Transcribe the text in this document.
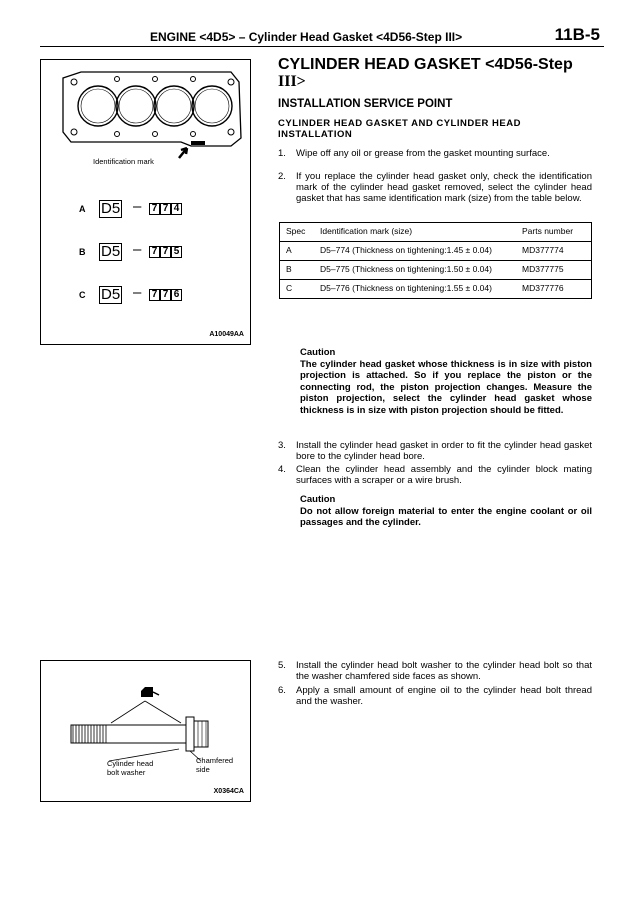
ENGINE <4D5> – Cylinder Head Gasket <4D56-Step III>	11B-5
Identification mark
A D5 – 7 7 4
B D5 – 7 7 5
C D5 – 7 7 6
A10049AA
Cylinder head
bolt washer
Chamfered
side
X0364CA
CYLINDER HEAD GASKET <4D56-Step
III>
INSTALLATION SERVICE POINT
CYLINDER HEAD GASKET AND CYLINDER HEAD INSTALLATION
1. Wipe off any oil or grease from the gasket mounting surface.
2. If you replace the cylinder head gasket only, check the identification mark of the cylinder head gasket removed, select the cylinder head gasket that has same identification mark (size) from the table below.
Spec	Identification mark (size)	Parts number
A	D5–774 (Thickness on tightening:1.45 ± 0.04)	MD377774
B	D5–775 (Thickness on tightening:1.50 ± 0.04)	MD377775
C	D5–776 (Thickness on tightening:1.55 ± 0.04)	MD377776
Caution
The cylinder head gasket whose thickness is in size with piston projection is attached. So if you replace the piston or the connecting rod, the piston projection changes. Measure the piston projection, select the cylinder head gasket whose thickness is in size with piston projection should be fitted.
3. Install the cylinder head gasket in order to fit the cylinder head gasket bore to the cylinder head bore.
4. Clean the cylinder head assembly and the cylinder block mating surfaces with a scraper or a wire brush.
Caution
Do not allow foreign material to enter the engine coolant or oil passages and the cylinder.
5. Install the cylinder head bolt washer to the cylinder head bolt so that the washer chamfered side faces as shown.
6. Apply a small amount of engine oil to the cylinder head bolt thread and the washer.
